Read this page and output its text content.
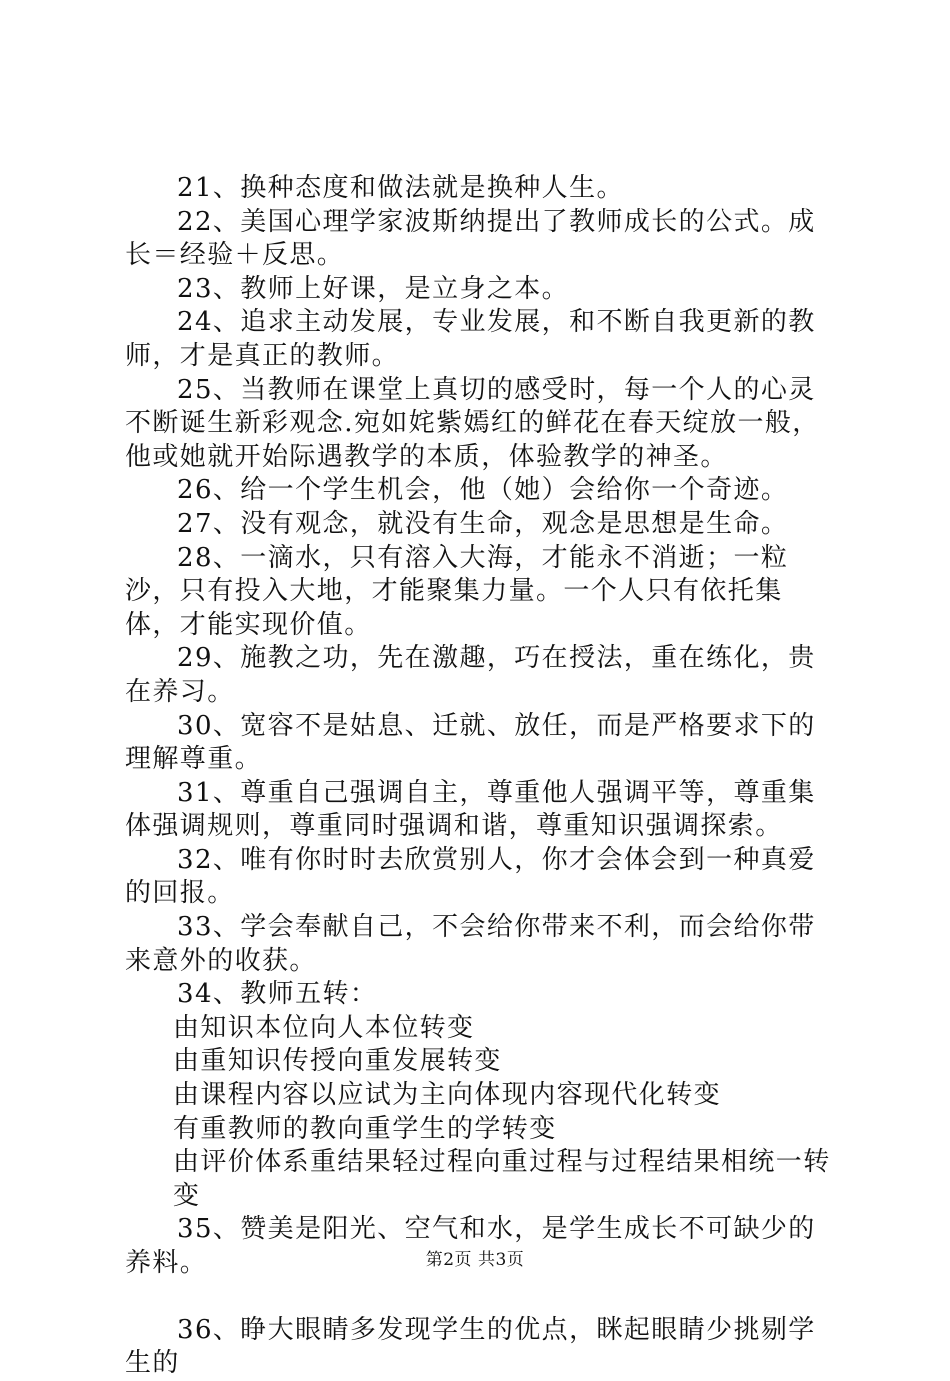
21、换种态度和做法就是换种人生。

22、美国心理学家波斯纳提出了教师成长的公式。成长＝经验＋反思。

23、教师上好课，是立身之本。

24、追求主动发展，专业发展，和不断自我更新的教师，才是真正的教师。

25、当教师在课堂上真切的感受时，每一个人的心灵不断诞生新彩观念.宛如姹紫嫣红的鲜花在春天绽放一般，他或她就开始际遇教学的本质，体验教学的神圣。

26、给一个学生机会，他（她）会给你一个奇迹。

27、没有观念，就没有生命，观念是思想是生命。

28、一滴水，只有溶入大海，才能永不消逝；一粒沙，只有投入大地，才能聚集力量。一个人只有依托集体，才能实现价值。

29、施教之功，先在激趣，巧在授法，重在练化，贵在养习。

30、宽容不是姑息、迁就、放任，而是严格要求下的理解尊重。

31、尊重自己强调自主，尊重他人强调平等，尊重集体强调规则，尊重同时强调和谐，尊重知识强调探索。

32、唯有你时时去欣赏别人，你才会体会到一种真爱的回报。

33、学会奉献自己，不会给你带来不利，而会给你带来意外的收获。

34、教师五转：

由知识本位向人本位转变

由重知识传授向重发展转变

由课程内容以应试为主向体现内容现代化转变

有重教师的教向重学生的学转变

由评价体系重结果轻过程向重过程与过程结果相统一转变

35、赞美是阳光、空气和水，是学生成长不可缺少的养料。

36、睁大眼睛多发现学生的优点，眯起眼睛少挑剔学生的

第2页 共3页
